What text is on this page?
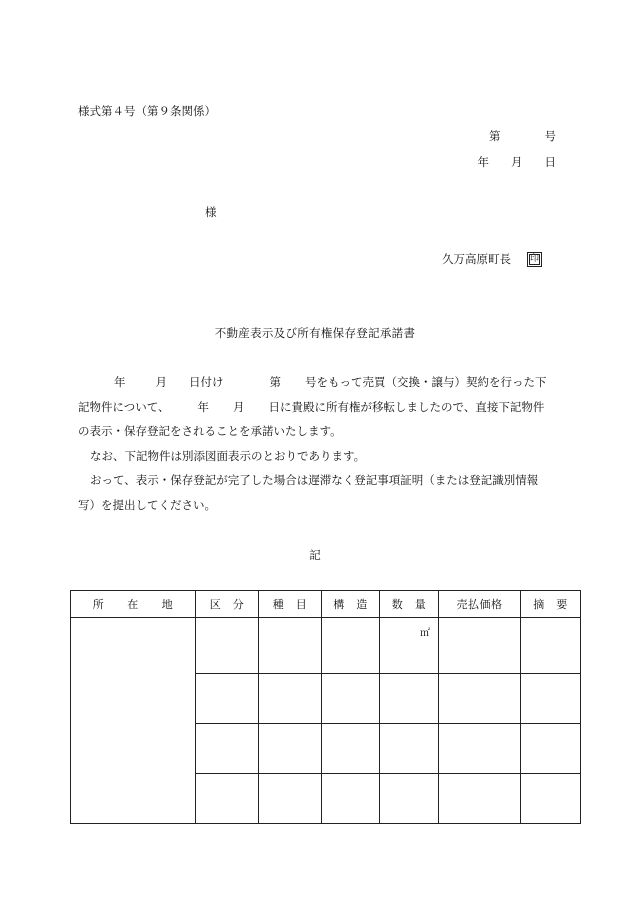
様式第４号（第９条関係）
第	号
年 月 日
様
久万高原町長	印
不動産表示及び所有権保存登記承諾書

年	月 日付け	第 号をもって売買（交換・譲与）契約を行った下

記物件について、 年 月 日に貴殿に所有権が移転しましたので、直接下記物件

の表示・保存登記をされることを承諾いたします。

なお、下記物件は別添図面表示のとおりであります。

おって、表示・保存登記が完了した場合は遅滞なく登記事項証明（または登記識別情報

写）を提出してください。

記
所　　在　　地	区　分	種　目	構　造	数　量	売払価格	摘　要
				㎡		
